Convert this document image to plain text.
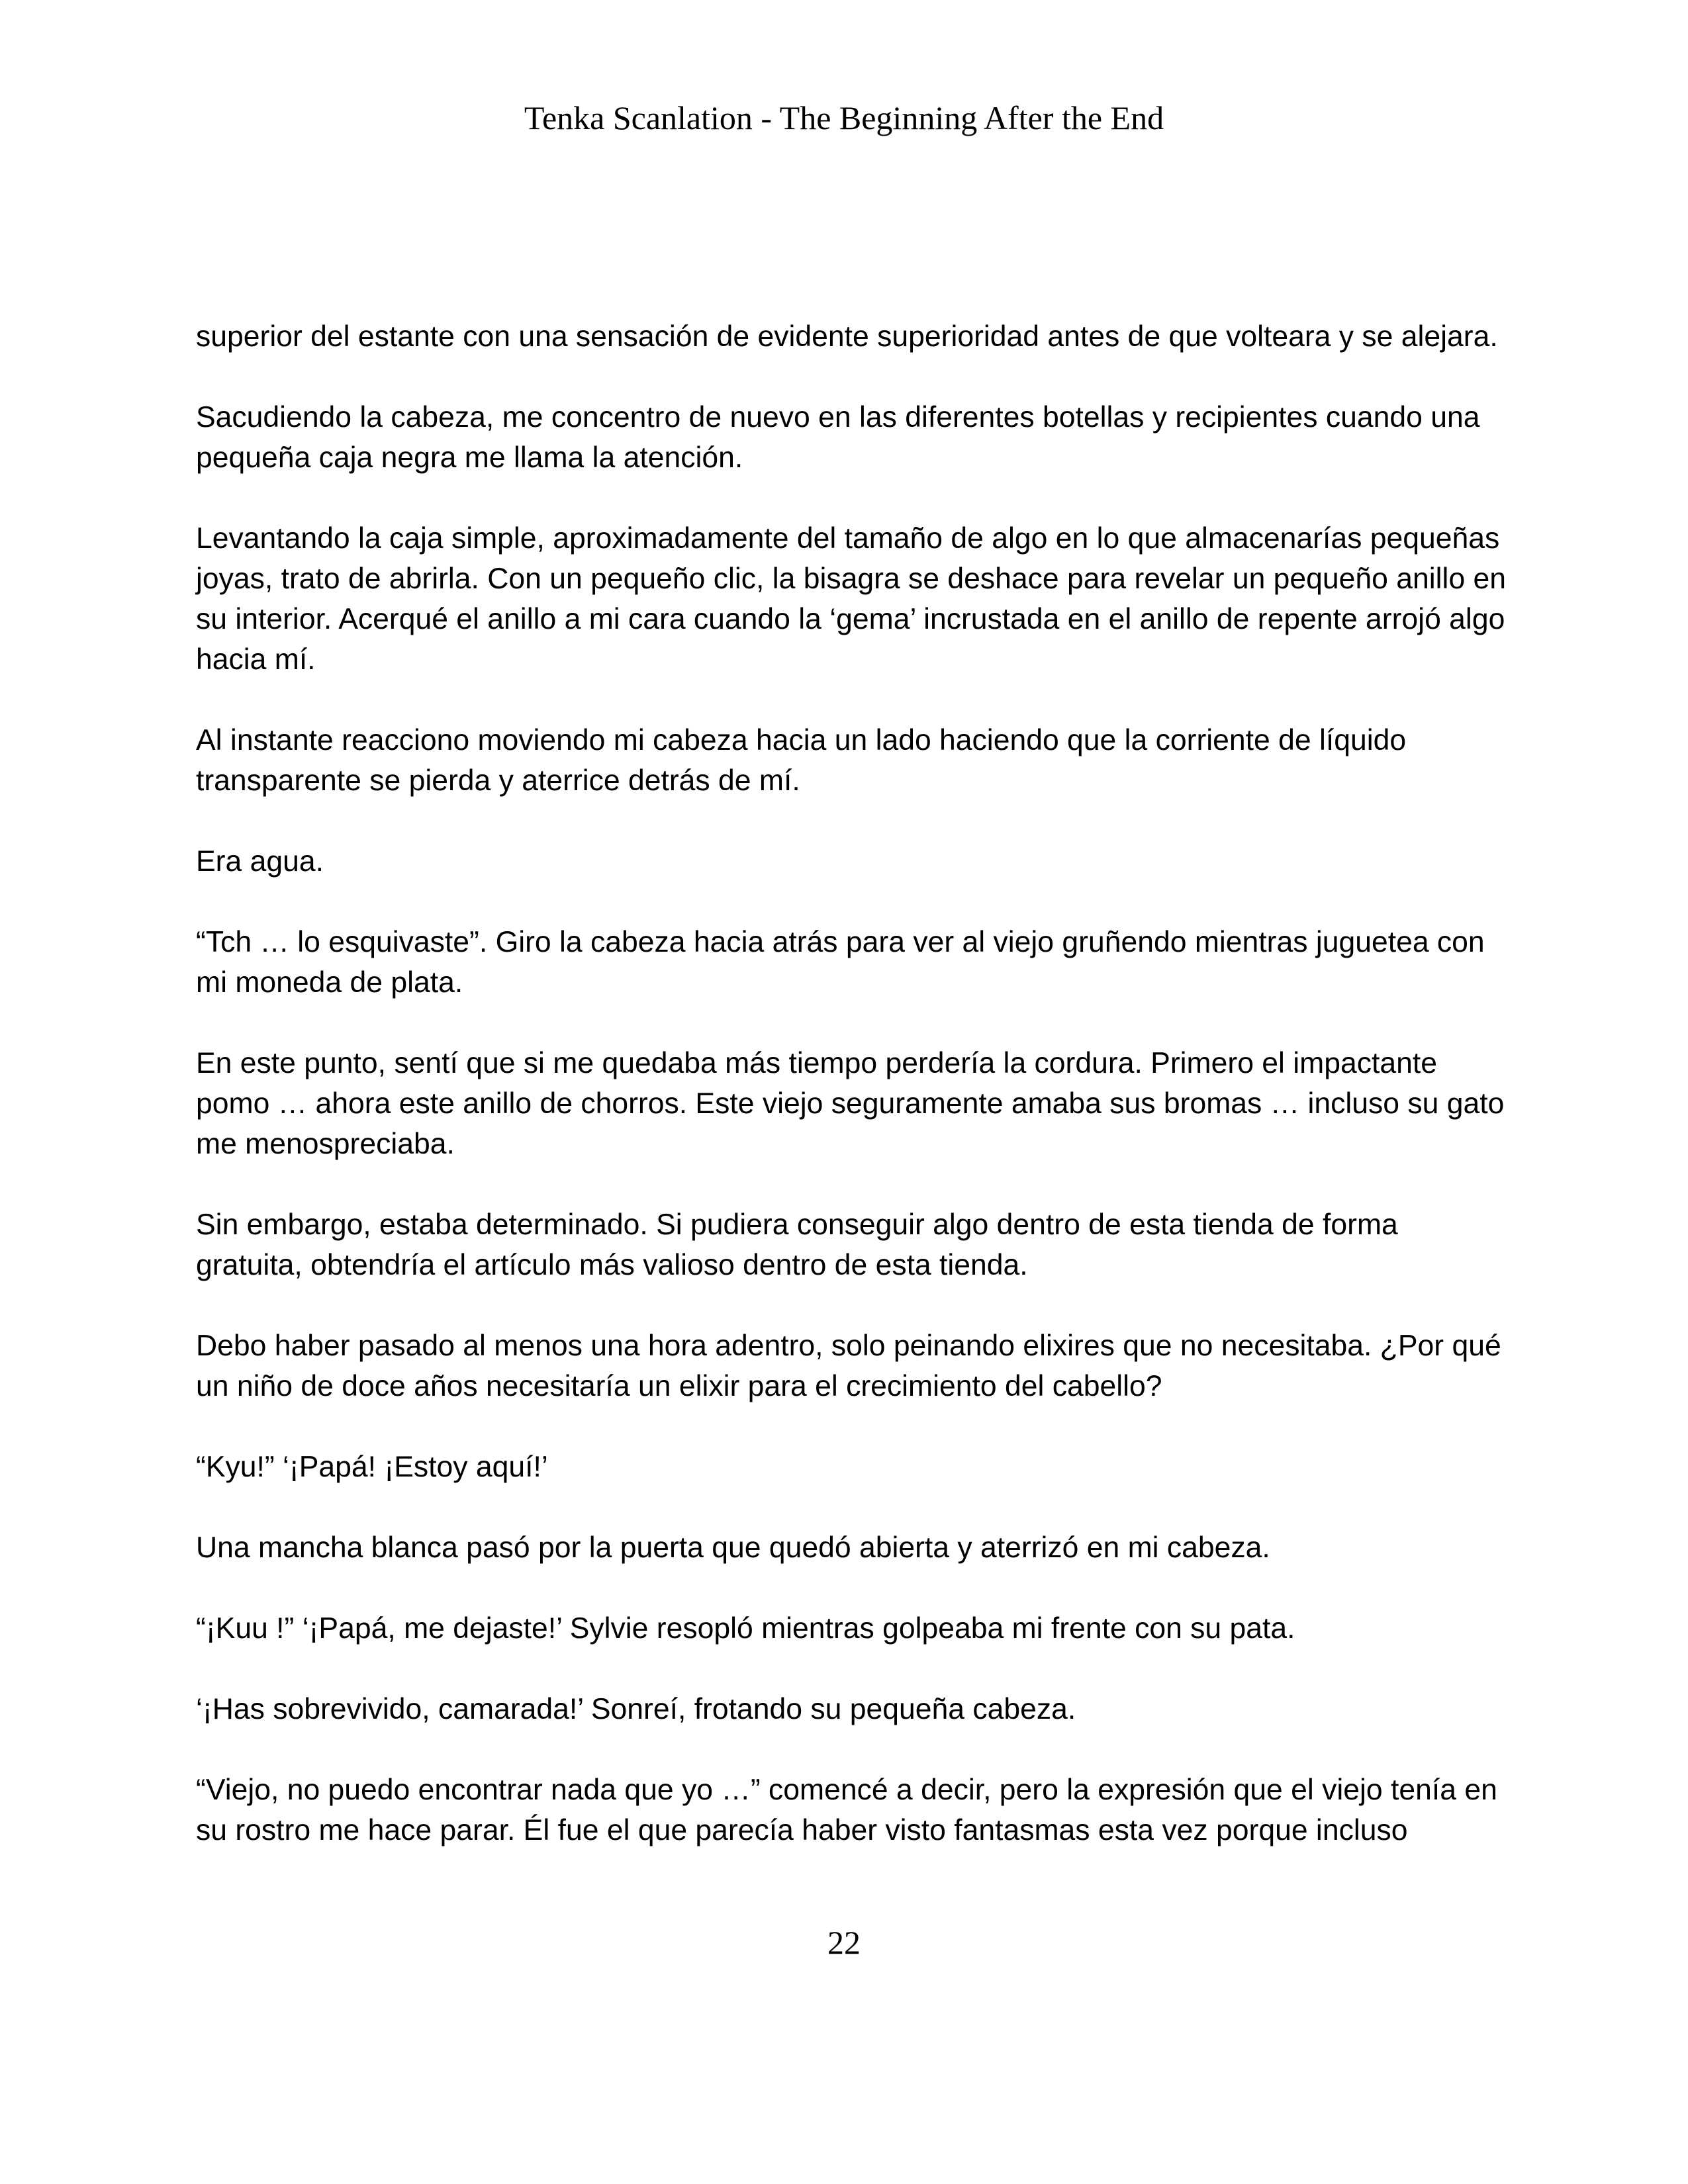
Tenka Scanlation - The Beginning After the End

superior del estante con una sensación de evidente superioridad antes de que volteara y se alejara.

Sacudiendo la cabeza, me concentro de nuevo en las diferentes botellas y recipientes cuando una pequeña caja negra me llama la atención.

Levantando la caja simple, aproximadamente del tamaño de algo en lo que almacenarías pequeñas joyas, trato de abrirla. Con un pequeño clic, la bisagra se deshace para revelar un pequeño anillo en su interior. Acerqué el anillo a mi cara cuando la ‘gema’ incrustada en el anillo de repente arrojó algo hacia mí.

Al instante reacciono moviendo mi cabeza hacia un lado haciendo que la corriente de líquido transparente se pierda y aterrice detrás de mí.

Era agua.

“Tch … lo esquivaste”. Giro la cabeza hacia atrás para ver al viejo gruñendo mientras juguetea con mi moneda de plata.

En este punto, sentí que si me quedaba más tiempo perdería la cordura. Primero el impactante pomo … ahora este anillo de chorros. Este viejo seguramente amaba sus bromas … incluso su gato me menospreciaba.

Sin embargo, estaba determinado. Si pudiera conseguir algo dentro de esta tienda de forma gratuita, obtendría el artículo más valioso dentro de esta tienda.

Debo haber pasado al menos una hora adentro, solo peinando elixires que no necesitaba. ¿Por qué un niño de doce años necesitaría un elixir para el crecimiento del cabello?

“Kyu!” ‘¡Papá! ¡Estoy aquí!’

Una mancha blanca pasó por la puerta que quedó abierta y aterrizó en mi cabeza.

“¡Kuu !” ‘¡Papá, me dejaste!’ Sylvie resopló mientras golpeaba mi frente con su pata.

‘¡Has sobrevivido, camarada!’ Sonreí, frotando su pequeña cabeza.

“Viejo, no puedo encontrar nada que yo …” comencé a decir, pero la expresión que el viejo tenía en su rostro me hace parar. Él fue el que parecía haber visto fantasmas esta vez porque incluso

22
